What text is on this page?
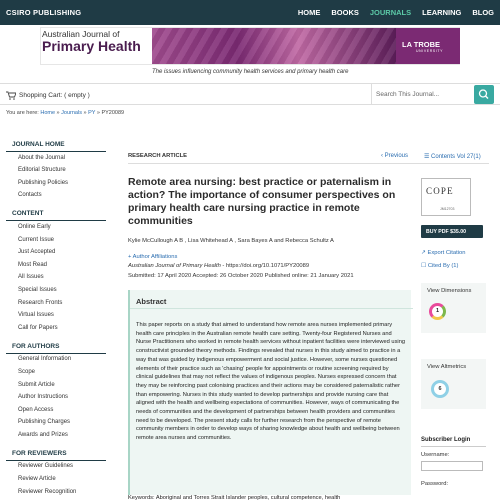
CSIRO PUBLISHING	HOME BOOKS JOURNALS LEARNING BLOG
Australian Journal of
Primary Health	LA TROBE
UNIVERSITY
The issues influencing community health services and primary health care
Shopping Cart: ( empty )	Search This Journal...
You are here: Home » Journals » PY » PY20089
JOURNAL HOME
About the Journal
Editorial Structure
Publishing Policies
Contacts
CONTENT
Online Early
Current Issue
Just Accepted
Most Read
All Issues
Special Issues
Research Fronts
Virtual Issues
Call for Papers
FOR AUTHORS
General Information
Scope
Submit Article
Author Instructions
Open Access
Publishing Charges
Awards and Prizes
FOR REVIEWERS
Reviewer Guidelines
Review Article
Reviewer Recognition
RESEARCH ARTICLE	‹ Previous	☰ Contents Vol 27(1)
Remote area nursing: best practice or paternalism in action? The importance of consumer perspectives on primary health care nursing practice in remote communities
Kylie McCullough A B , Lisa Whitehead A , Sara Bayes A and Rebecca Schultz A
+ Author Affiliations
Australian Journal of Primary Health - https://doi.org/10.1071/PY20089
Submitted: 17 April 2020 Accepted: 26 October 2020 Published online: 21 January 2021
Abstract
This paper reports on a study that aimed to understand how remote area nurses implemented primary health care principles in the Australian remote health care setting. Twenty-four Registered Nurses and Nurse Practitioners who worked in remote health services without inpatient facilities were interviewed using constructivist grounded theory methods. Findings revealed that nurses in this study aimed to practice in a way that was guided by indigenous empowerment and social justice. However, some nurses questioned elements of their practice such as 'chasing' people for appointments or routine screening required by clinical guidelines that may not reflect the values of indigenous peoples. Nurses expressed concern that they may be reinforcing past colonising practices and their actions may be considered paternalistic rather than empowering. Nurses in this study wanted to develop partnerships and provide nursing care that aligned with the health and wellbeing expectations of communities. However, ways of communicating the needs of communities and the development of partnerships between health providers and communities need to be developed. The present study calls for further research from the perspective of remote community members in order to develop ways of sharing knowledge about health and wellbeing between remote area nurses and communities.
Keywords: Aboriginal and Torres Strait Islander peoples, cultural competence, health
COPE
JM12703
BUY PDF $35.00
↗ Export Citation
☐ Cited By (1)
View Dimensions
1
View Altmetrics
6
Subscriber Login
Username:
Password:
